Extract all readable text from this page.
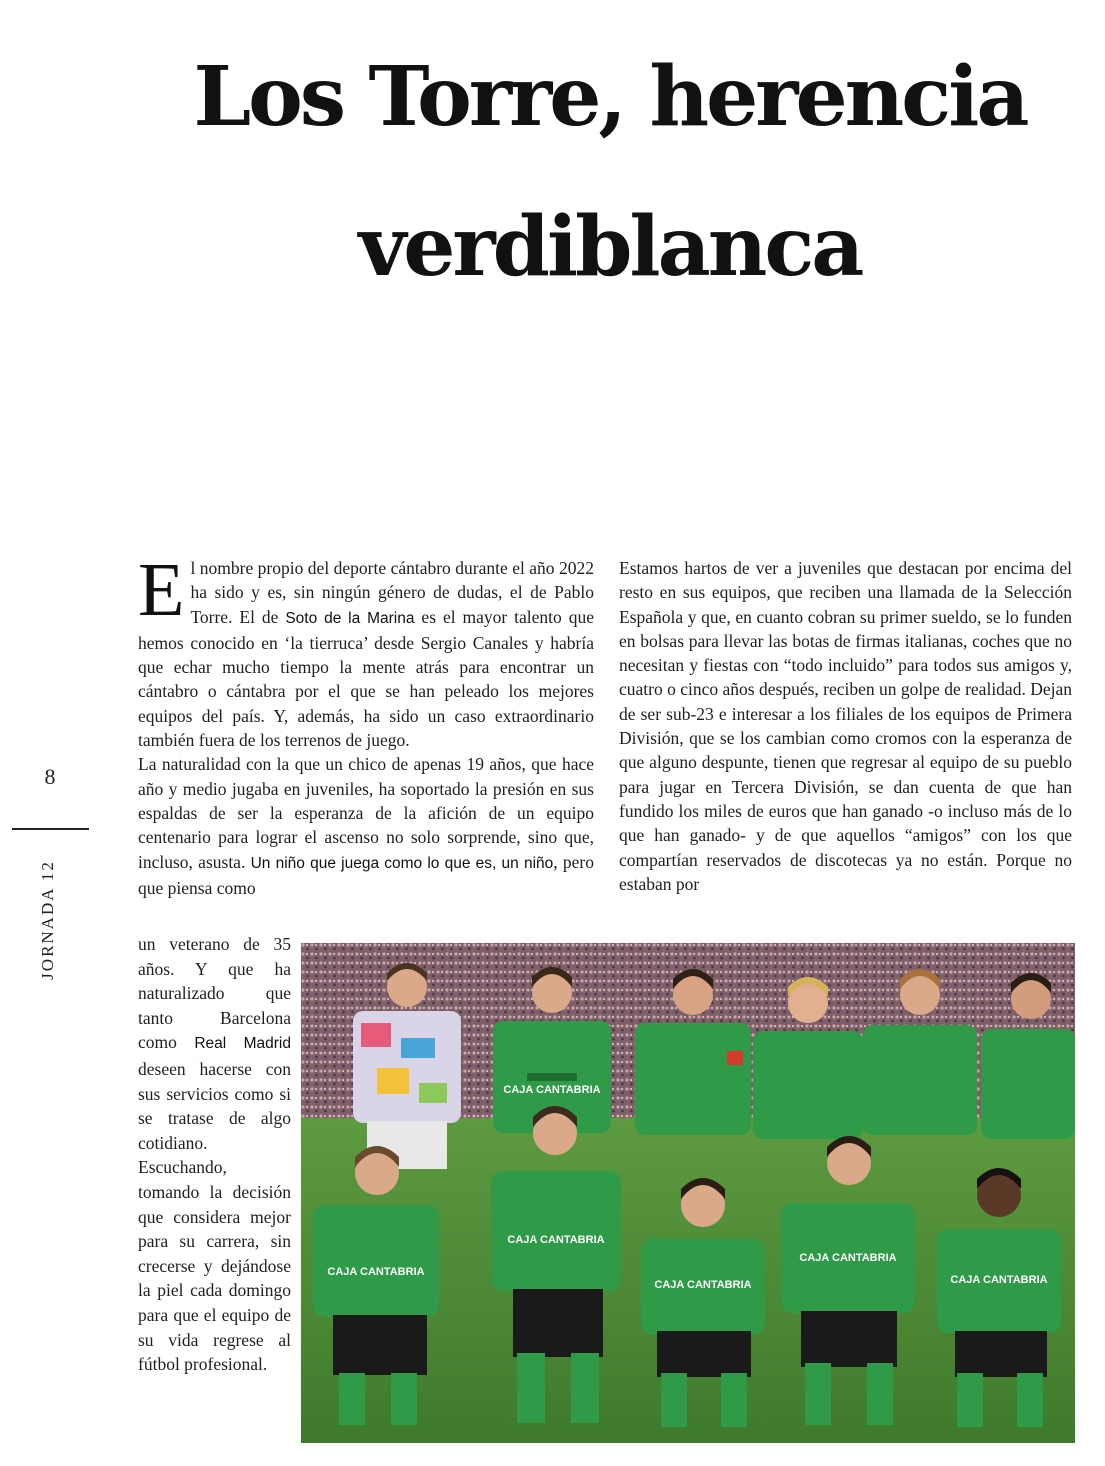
Los Torre, herencia
verdiblanca
8
JORNADA 12

El nombre propio del deporte cántabro durante el año 2022 ha sido y es, sin ningún género de dudas, el de Pablo Torre. El de Soto de la Marina es el mayor talento que hemos conocido en ‘la tierruca’ desde Sergio Canales y habría que echar mucho tiempo la mente atrás para encontrar un cántabro o cántabra por el que se han peleado los mejores equipos del país. Y, además, ha sido un caso extraordinario también fuera de los terrenos de juego.

La naturalidad con la que un chico de apenas 19 años, que hace año y medio jugaba en juveniles, ha soportado la presión en sus espaldas de ser la esperanza de la afición de un equipo centenario para lograr el ascenso no solo sorprende, sino que, incluso, asusta. Un niño que juega como lo que es, un niño, pero que piensa como

un veterano de 35 años. Y que ha naturalizado que tanto Barcelona como Real Madrid deseen hacerse con sus servicios como si se tratase de algo cotidiano. Escuchando, tomando la decisión que considera mejor para su carrera, sin crecerse y dejándose la piel cada domingo para que el equipo de su vida regrese al fútbol profesional.

Estamos hartos de ver a juveniles que destacan por encima del resto en sus equipos, que reciben una llamada de la Selección Española y que, en cuanto cobran su primer sueldo, se lo funden en bolsas para llevar las botas de firmas italianas, coches que no necesitan y fiestas con “todo incluido” para todos sus amigos y, cuatro o cinco años después, reciben un golpe de realidad. Dejan de ser sub-23 e interesar a los filiales de los equipos de Primera División, que se los cambian como cromos con la esperanza de que alguno despunte, tienen que regresar al equipo de su pueblo para jugar en Tercera División, se dan cuenta de que han fundido los miles de euros que han ganado -o incluso más de lo que han ganado- y de que aquellos “amigos” con los que compartían reservados de discotecas ya no están. Porque no estaban por

CAJA CANTABRIA
CAJA CANTABRIA
CAJA CANTABRIA
CAJA CANTABRIA
CAJA CANTABRIA
CAJA CANTABRIA
